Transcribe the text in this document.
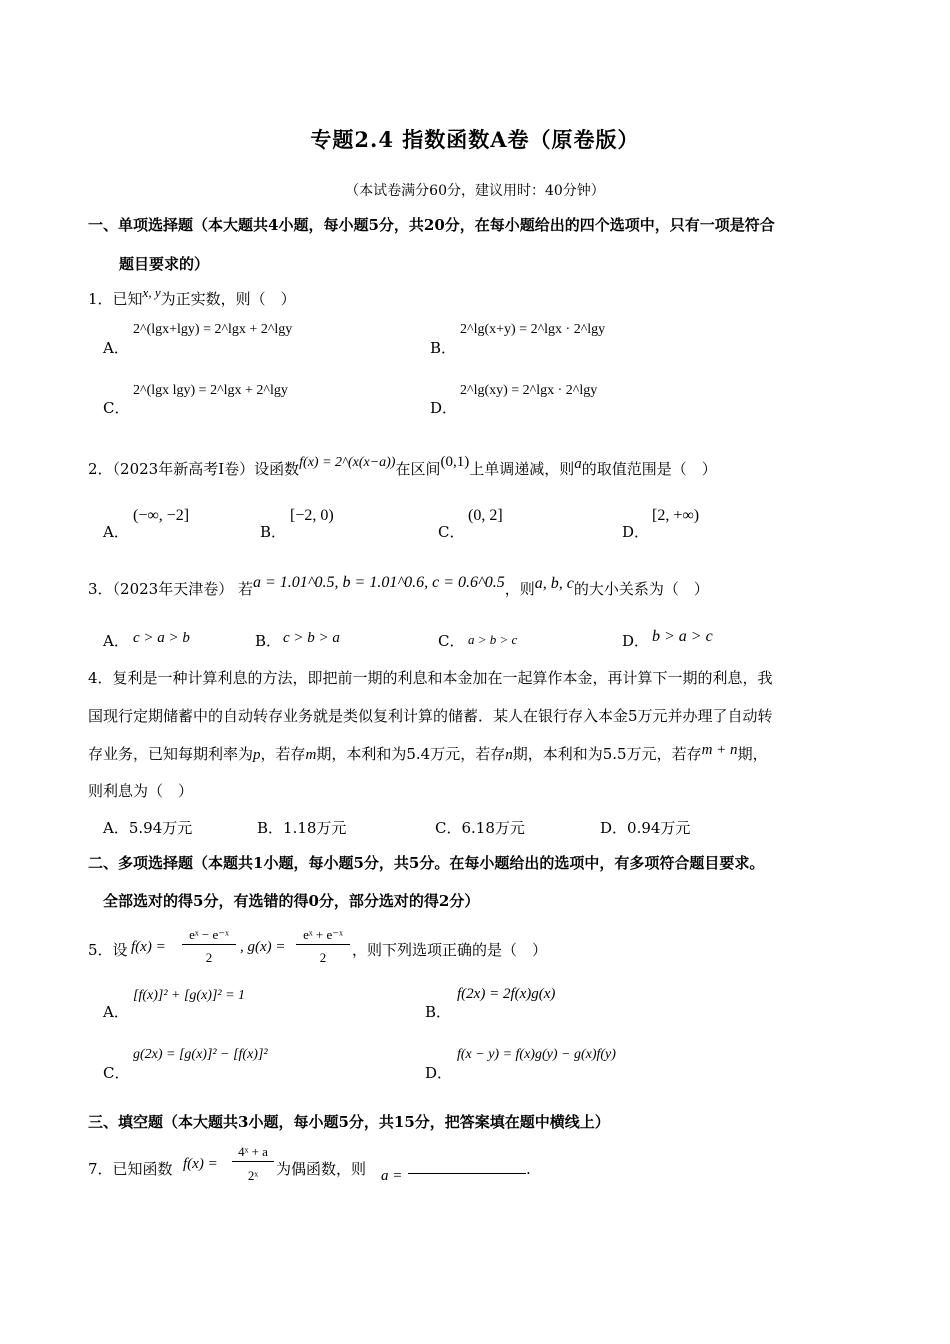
专题2.4 指数函数A卷（原卷版）
（本试卷满分60分，建议用时：40分钟）
一、单项选择题（本大题共4小题，每小题5分，共20分，在每小题给出的四个选项中，只有一项是符合
题目要求的）
1．已知x, y为正实数，则（　）
A．
2^(lgx+lgy) = 2^lgx + 2^lgy
B．
2^lg(x+y) = 2^lgx · 2^lgy
C．
2^(lgx lgy) = 2^lgx + 2^lgy
D．
2^lg(xy) = 2^lgx · 2^lgy
2．（2023年新高考Ⅰ卷）设函数f(x) = 2^(x(x−a))在区间(0,1)上单调递减，则a的取值范围是（　）
A．
(−∞, −2]
B．
[−2, 0)
C．
(0, 2]
D．
[2, +∞)
3．（2023年天津卷） 若a = 1.01^0.5, b = 1.01^0.6, c = 0.6^0.5，则a, b, c的大小关系为（　）
A． c > a > b	B． c > b > a	C． a > b > c	D． b > a > c
4．复利是一种计算利息的方法，即把前一期的利息和本金加在一起算作本金，再计算下一期的利息，我
国现行定期储蓄中的自动转存业务就是类似复利计算的储蓄．某人在银行存入本金5万元并办理了自动转
存业务，已知每期利率为p，若存m期，本利和为5.4万元，若存n期，本利和为5.5万元，若存m + n期，
则利息为（　）
A．5.94万元	B．1.18万元	C．6.18万元	D．0.94万元
二、多项选择题（本题共1小题，每小题5分，共5分。在每小题给出的选项中，有多项符合题目要求。
全部选对的得5分，有选错的得0分，部分选对的得2分）
5．设 f(x) =
eˣ − e⁻ˣ
2
, g(x) =
eˣ + e⁻ˣ
2	，则下列选项正确的是（　）
A．
[f(x)]² + [g(x)]² = 1
B．
f(2x) = 2f(x)g(x)
C．
g(2x) = [g(x)]² − [f(x)]²
D．
f(x − y) = f(x)g(y) − g(x)f(y)
三、填空题（本大题共3小题，每小题5分，共15分，把答案填在题中横线上）
7．已知函数 f(x) =
4ˣ + a
2ˣ	为偶函数，则 a =	.
